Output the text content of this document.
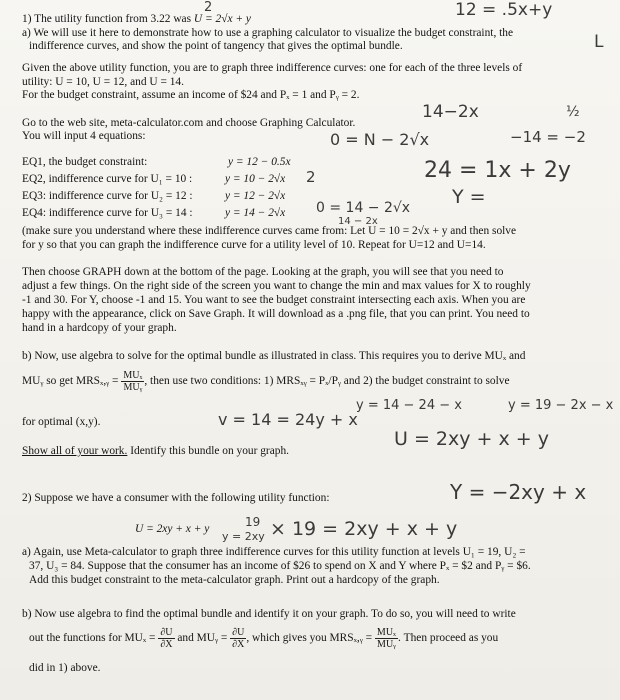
1) The utility function from 3.22 was U = 2√x + y
a) We will use it here to demonstrate how to use a graphing calculator to visualize the budget constraint, the
indifference curves, and show the point of tangency that gives the optimal bundle.
Given the above utility function, you are to graph three indifference curves: one for each of the three levels of
utility: U = 10, U = 12, and U = 14.
For the budget constraint, assume an income of $24 and Pₓ = 1 and Pᵧ = 2.
Go to the web site, meta-calculator.com and choose Graphing Calculator.
You will input 4 equations:
EQ1, the budget constraint:	y = 12 − 0.5x
EQ2, indifference curve for U₁ = 10 :	y = 10 − 2√x
EQ3: indifference curve for U₂ = 12 :	y = 12 − 2√x
EQ4: indifference curve for U₃ = 14 :	y = 14 − 2√x
(make sure you understand where these indifference curves came from: Let U = 10 = 2√x + y and then solve
for y so that you can graph the indifference curve for a utility level of 10. Repeat for U=12 and U=14.
Then choose GRAPH down at the bottom of the page. Looking at the graph, you will see that you need to
adjust a few things. On the right side of the screen you want to change the min and max values for X to roughly
-1 and 30. For Y, choose -1 and 15. You want to see the budget constraint intersecting each axis. When you are
happy with the appearance, click on Save Graph. It will download as a .png file, that you can print. You need to
hand in a hardcopy of your graph.
b) Now, use algebra to solve for the optimal bundle as illustrated in class. This requires you to derive MUₓ and
MUᵧ so get MRSₓ,ᵧ = $\frac{\text{MUₓ}}{\text{MUᵧ}}$ , then use two conditions: 1) MRSₓᵧ = Pₓ/Pᵧ and 2) the budget constraint to solve
for optimal (x,y).
Show all of your work. Identify this bundle on your graph.
2) Suppose we have a consumer with the following utility function:
U = 2xy + x + y
a) Again, use Meta-calculator to graph three indifference curves for this utility function at levels U₁ = 19, U₂ =
37, U₃ = 84. Suppose that the consumer has an income of $26 to spend on X and Y where Pₓ = $2 and Pᵧ = $6.
Add this budget constraint to the meta-calculator graph. Print out a hardcopy of the graph.
b) Now use algebra to find the optimal bundle and identify it on your graph. To do so, you will need to write
out the functions for $MU_x = \frac{\partial U}{\partial X}$ and MUᵧ = $\frac{\partial U}{\partial X}$ , which gives you MRSₓ,ᵧ = $\frac{\text{MUₓ}}{\text{MUᵧ}}$ . Then proceed as you
did in 1) above.
2	12 = .5x+y
L
14−2x	½
0 = N − 2√x	−14 = −2
2	24 = 1x + 2y
0 = 14 − 2√x Y =
14 − 2x
v = 14 = 24y + x
y = 14 − 24 − x	y = 19 − 2x − x
U = 2xy + x + y
Y = −2xy + x
19 × 19 = 2xy + x + y
y = 2xy
